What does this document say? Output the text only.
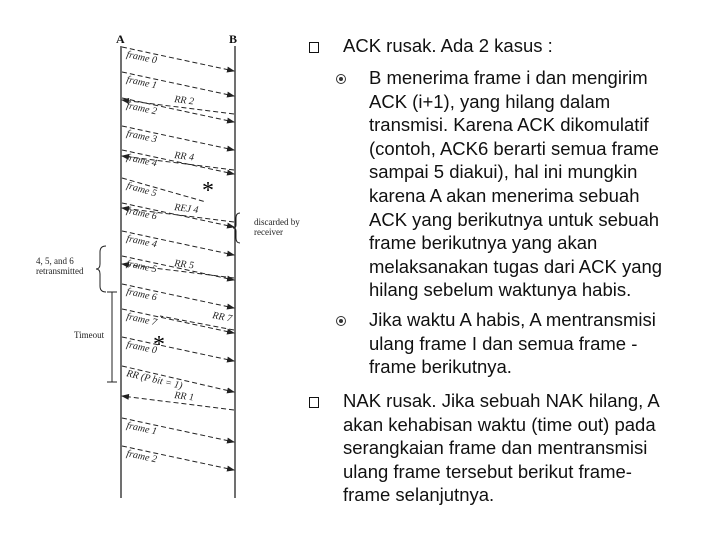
A	B
frame 0
frame 1
frame 2 RR 2
frame 3
frame 4 RR 4
frame 5
frame 6 REJ 4
frame 4
frame 5 RR 5
frame 6
frame 7	RR 7
frame 0
RR (P bit = 1)
RR 1
frame 1
frame 2
*
*
discarded by
receiver
4, 5, and 6
retransmitted
Timeout
ACK rusak. Ada 2 kasus :
B menerima frame i dan mengirim
ACK (i+1), yang hilang dalam
transmisi. Karena ACK dikomulatif
(contoh, ACK6 berarti semua frame
sampai 5 diakui), hal ini mungkin
karena A akan menerima sebuah
ACK yang berikutnya untuk sebuah
frame berikutnya yang akan
melaksanakan tugas dari ACK yang
hilang sebelum waktunya habis.
Jika waktu A habis, A mentransmisi
ulang frame I dan semua frame -
frame berikutnya.
NAK rusak. Jika sebuah NAK hilang, A
akan kehabisan waktu (time out) pada
serangkaian frame dan mentransmisi
ulang frame tersebut berikut frame-
frame selanjutnya.
